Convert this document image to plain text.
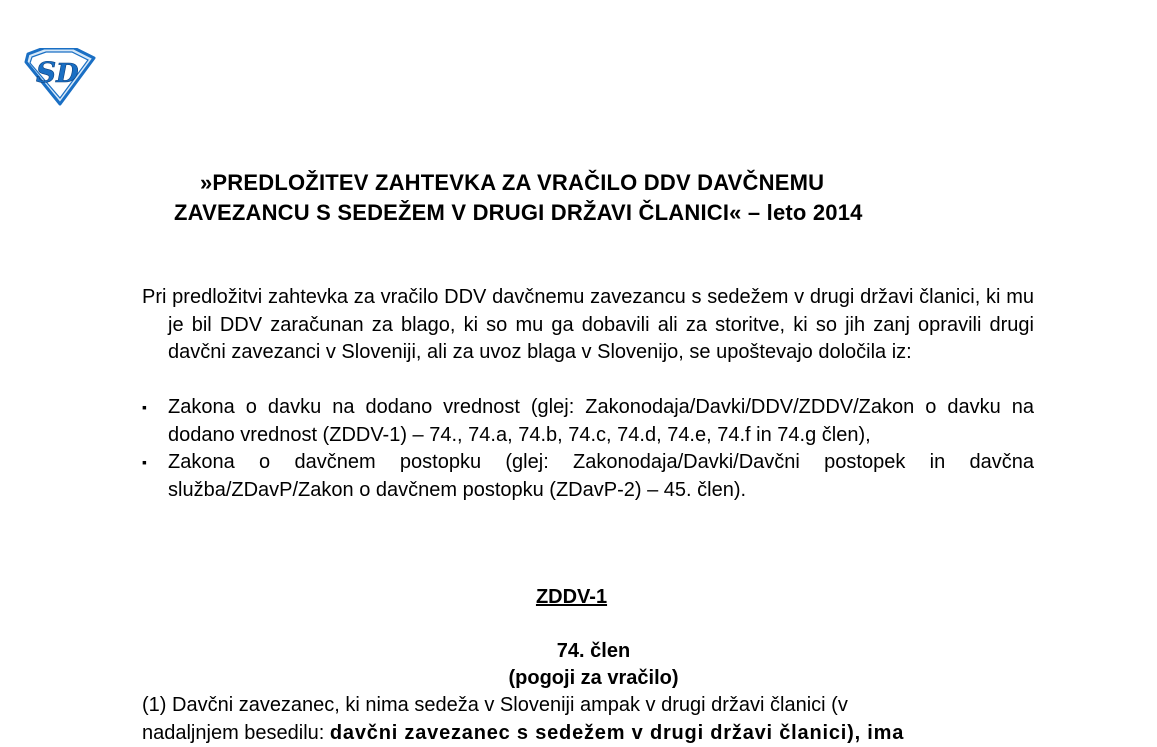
S D
»PREDLOŽITEV ZAHTEVKA ZA VRAČILO DDV DAVČNEMU
ZAVEZANCU S SEDEŽEM V DRUGI DRŽAVI ČLANICI« – leto 2014
Pri predložitvi zahtevka za vračilo DDV davčnemu zavezancu s sedežem v drugi državi članici, ki mu je bil DDV zaračunan za blago, ki so mu ga dobavili ali za storitve, ki so jih zanj opravili drugi davčni zavezanci v Sloveniji, ali za uvoz blaga v Slovenijo, se upoštevajo določila iz:
▪ Zakona o davku na dodano vrednost (glej: Zakonodaja/Davki/DDV/ZDDV/Zakon o davku na dodano vrednost (ZDDV-1) – 74., 74.a, 74.b, 74.c, 74.d, 74.e, 74.f in 74.g člen),
▪ Zakona o davčnem postopku (glej: Zakonodaja/Davki/Davčni postopek in davčna služba/ZDavP/Zakon o davčnem postopku (ZDavP-2) – 45. člen).
ZDDV-1
74. člen
(pogoji za vračilo)
(1) Davčni zavezanec, ki nima sedeža v Sloveniji ampak v drugi državi članici (v
nadaljnjem besedilu: davčni zavezanec s sedežem v drugi državi članici), ima
